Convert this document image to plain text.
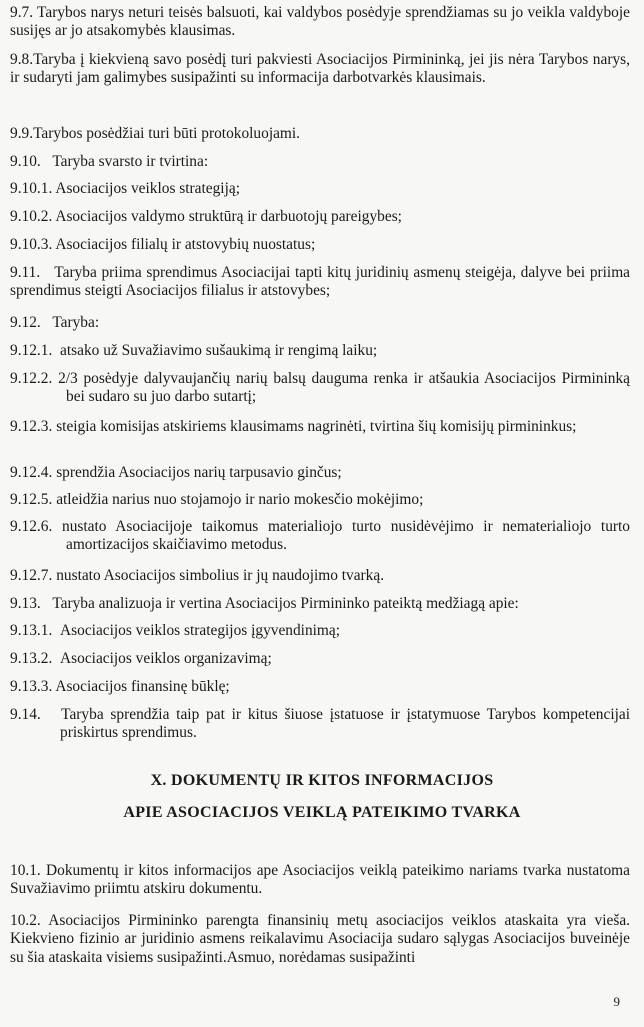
9.7. Tarybos narys neturi teisės balsuoti, kai valdybos posėdyje sprendžiamas su jo veikla valdyboje susijęs ar jo atsakomybės klausimas.
9.8.Taryba į kiekvieną savo posėdį turi pakviesti Asociacijos Pirmininką, jei jis nėra Tarybos narys, ir sudaryti jam galimybes susipažinti su informacija darbotvarkės klausimais.
9.9.Tarybos posėdžiai turi būti protokoluojami.
9.10. Taryba svarsto ir tvirtina:
9.10.1. Asociacijos veiklos strategiją;
9.10.2. Asociacijos valdymo struktūrą ir darbuotojų pareigybes;
9.10.3. Asociacijos filialų ir atstovybių nuostatus;
9.11. Taryba priima sprendimus Asociacijai tapti kitų juridinių asmenų steigėja, dalyve bei priima sprendimus steigti Asociacijos filialus ir atstovybes;
9.12. Taryba:
9.12.1. atsako už Suvažiavimo sušaukimą ir rengimą laiku;
9.12.2. 2/3 posėdyje dalyvaujančių narių balsų dauguma renka ir atšaukia Asociacijos Pirmininką bei sudaro su juo darbo sutartį;
9.12.3. steigia komisijas atskiriems klausimams nagrinėti, tvirtina šių komisijų pirmininkus;
9.12.4. sprendžia Asociacijos narių tarpusavio ginčus;
9.12.5. atleidžia narius nuo stojamojo ir nario mokesčio mokėjimo;
9.12.6. nustato Asociacijoje taikomus materialiojo turto nusidėvėjimo ir nematerialiojo turto amortizacijos skaičiavimo metodus.
9.12.7. nustato Asociacijos simbolius ir jų naudojimo tvarką.
9.13. Taryba analizuoja ir vertina Asociacijos Pirmininko pateiktą medžiagą apie:
9.13.1. Asociacijos veiklos strategijos įgyvendinimą;
9.13.2. Asociacijos veiklos organizavimą;
9.13.3. Asociacijos finansinę būklę;
9.14. Taryba sprendžia taip pat ir kitus šiuose įstatuose ir įstatymuose Tarybos kompetencijai priskirtus sprendimus.
X. DOKUMENTŲ IR KITOS INFORMACIJOS
APIE ASOCIACIJOS VEIKLĄ PATEIKIMO TVARKA
10.1. Dokumentų ir kitos informacijos ape Asociacijos veiklą pateikimo nariams tvarka nustatoma Suvažiavimo priimtu atskiru dokumentu.
10.2. Asociacijos Pirmininko parengta finansinių metų asociacijos veiklos ataskaita yra vieša. Kiekvieno fizinio ar juridinio asmens reikalavimu Asociacija sudaro sąlygas Asociacijos buveinėje su šia ataskaita visiems susipažinti.Asmuo, norėdamas susipažinti
9
